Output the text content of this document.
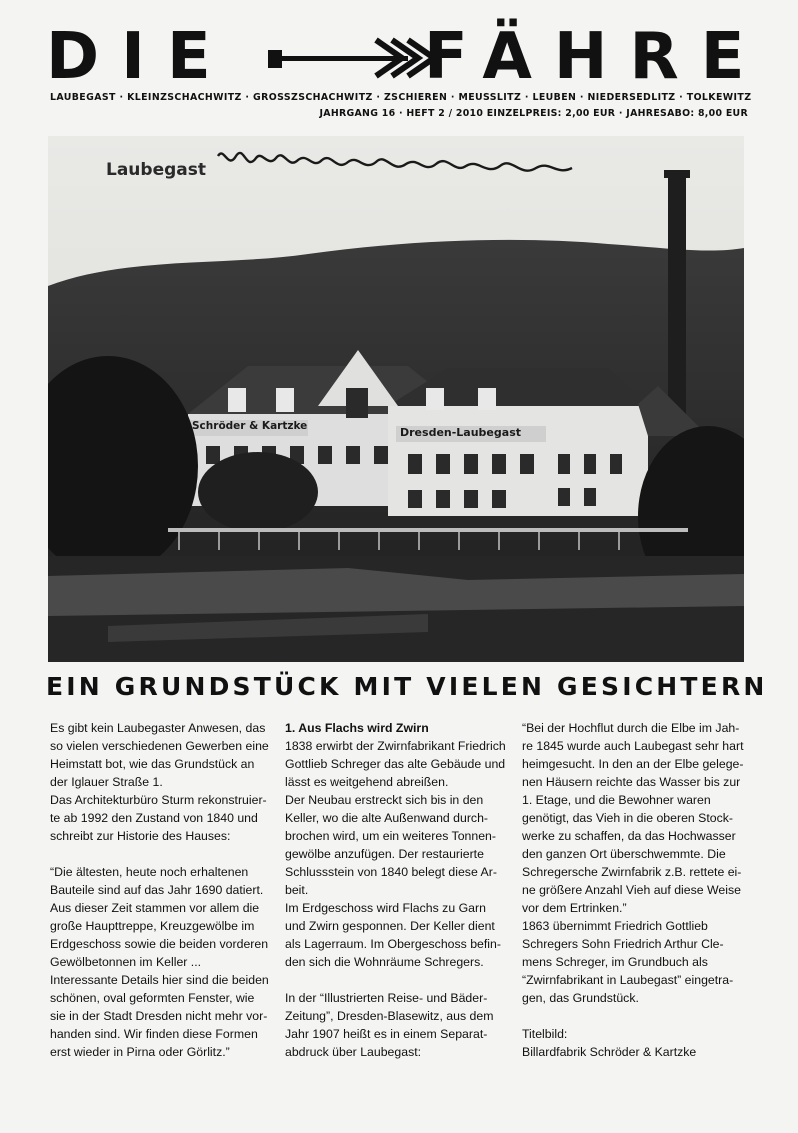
DIE	FÄHRE

LAUBEGAST · KLEINZSCHACHWITZ · GROSSZSCHACHWITZ · ZSCHIEREN · MEUSSLITZ · LEUBEN · NIEDERSEDLITZ · TOLKEWITZ

JAHRGANG 16 · HEFT 2 / 2010 EINZELPREIS: 2,00 EUR · JAHRESABO: 8,00 EUR

Laubegast
Schröder & Kartzke	Dresden-Laubegast
EIN GRUNDSTÜCK MIT VIELEN GESICHTERN

Es gibt kein Laubegaster Anwesen, das
so vielen verschiedenen Gewerben eine
Heimstatt bot, wie das Grundstück an
der Iglauer Straße 1.
Das Architekturbüro Sturm rekonstruier-
te ab 1992 den Zustand von 1840 und
schreibt zur Historie des Hauses:

“Die ältesten, heute noch erhaltenen
Bauteile sind auf das Jahr 1690 datiert.
Aus dieser Zeit stammen vor allem die
große Haupttreppe, Kreuzgewölbe im
Erdgeschoss sowie die beiden vorderen
Gewölbetonnen im Keller ...
Interessante Details hier sind die beiden
schönen, oval geformten Fenster, wie
sie in der Stadt Dresden nicht mehr vor-
handen sind. Wir finden diese Formen
erst wieder in Pirna oder Görlitz.”

1. Aus Flachs wird Zwirn

1838 erwirbt der Zwirnfabrikant Friedrich
Gottlieb Schreger das alte Gebäude und
lässt es weitgehend abreißen.
Der Neubau erstreckt sich bis in den
Keller, wo die alte Außenwand durch-
brochen wird, um ein weiteres Tonnen-
gewölbe anzufügen. Der restaurierte
Schlussstein von 1840 belegt diese Ar-
beit.
Im Erdgeschoss wird Flachs zu Garn
und Zwirn gesponnen. Der Keller dient
als Lagerraum. Im Obergeschoss befin-
den sich die Wohnräume Schregers.

In der “Illustrierten Reise- und Bäder-
Zeitung”, Dresden-Blasewitz, aus dem
Jahr 1907 heißt es in einem Separat-
abdruck über Laubegast:

“Bei der Hochflut durch die Elbe im Jah-
re 1845 wurde auch Laubegast sehr hart
heimgesucht. In den an der Elbe gelege-
nen Häusern reichte das Wasser bis zur
1. Etage, und die Bewohner waren
genötigt, das Vieh in die oberen Stock-
werke zu schaffen, da das Hochwasser
den ganzen Ort überschwemmte. Die
Schregersche Zwirnfabrik z.B. rettete ei-
ne größere Anzahl Vieh auf diese Weise
vor dem Ertrinken.”
1863 übernimmt Friedrich Gottlieb
Schregers Sohn Friedrich Arthur Cle-
mens Schreger, im Grundbuch als
“Zwirnfabrikant in Laubegast” eingetra-
gen, das Grundstück.

Titelbild:
Billardfabrik Schröder & Kartzke
